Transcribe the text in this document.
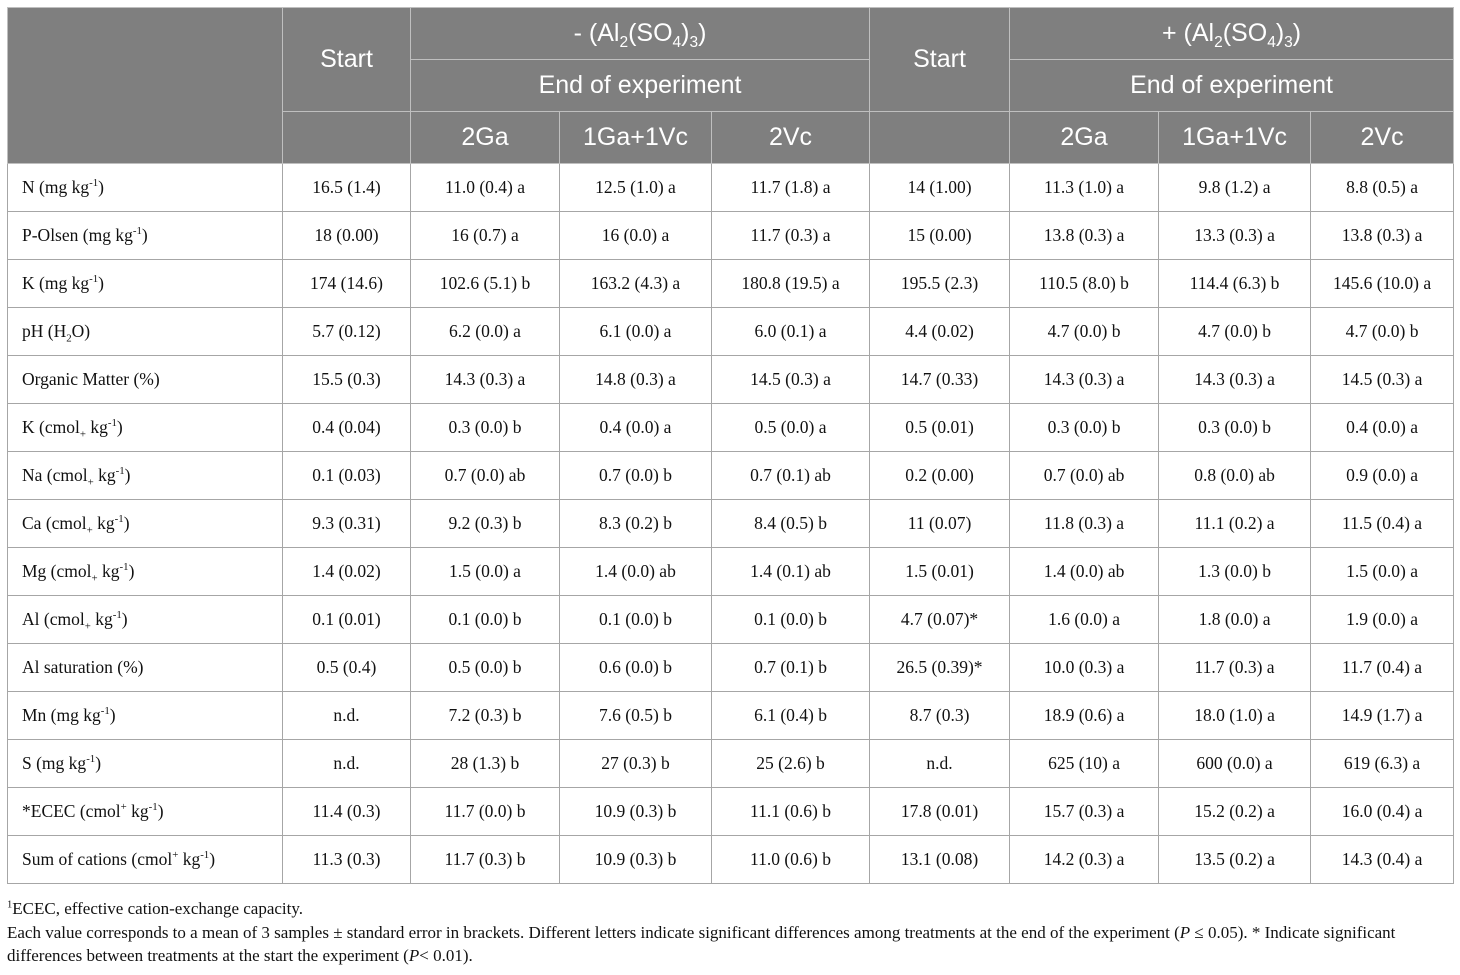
	Start	- $(Al_2(SO_4)_3)$			Start	+ $(Al_2(SO_4)_3)$		
		End of experiment				End of experiment		
		2Ga	1Ga+1Vc	2Vc		2Ga	1Ga+1Vc	2Vc
N (mg $kg^{-1}$)	16.5 (1.4)	11.0 (0.4) a	12.5 (1.0) a	11.7 (1.8) a	14 (1.00)	11.3 (1.0) a	9.8 (1.2) a	8.8 (0.5) a
P-Olsen (mg $kg^{-1}$)	18 (0.00)	16 (0.7) a	16 (0.0) a	11.7 (0.3) a	15 (0.00)	13.8 (0.3) a	13.3 (0.3) a	13.8 (0.3) a
K (mg $kg^{-1}$)	174 (14.6)	102.6 (5.1) b	163.2 (4.3) a	180.8 (19.5) a	195.5 (2.3)	110.5 (8.0) b	114.4 (6.3) b	145.6 (10.0) a
pH $(H_2O)$	5.7 (0.12)	6.2 (0.0) a	6.1 (0.0) a	6.0 (0.1) a	4.4 (0.02)	4.7 (0.0) b	4.7 (0.0) b	4.7 (0.0) b
Organic Matter (%)	15.5 (0.3)	14.3 (0.3) a	14.8 (0.3) a	14.5 (0.3) a	14.7 (0.33)	14.3 (0.3) a	14.3 (0.3) a	14.5 (0.3) a
K (cmol$_+$ $kg^{-1}$)	0.4 (0.04)	0.3 (0.0) b	0.4 (0.0) a	0.5 (0.0) a	0.5 (0.01)	0.3 (0.0) b	0.3 (0.0) b	0.4 (0.0) a
Na (cmol$_+$ $kg^{-1}$)	0.1 (0.03)	0.7 (0.0) ab	0.7 (0.0) b	0.7 (0.1) ab	0.2 (0.00)	0.7 (0.0) ab	0.8 (0.0) ab	0.9 (0.0) a
Ca (cmol$_+$ $kg^{-1}$)	9.3 (0.31)	9.2 (0.3) b	8.3 (0.2) b	8.4 (0.5) b	11 (0.07)	11.8 (0.3) a	11.1 (0.2) a	11.5 (0.4) a
Mg (cmol$_+$ $kg^{-1}$)	1.4 (0.02)	1.5 (0.0) a	1.4 (0.0) ab	1.4 (0.1) ab	1.5 (0.01)	1.4 (0.0) ab	1.3 (0.0) b	1.5 (0.0) a
Al (cmol$_+$ $kg^{-1}$)	0.1 (0.01)	0.1 (0.0) b	0.1 (0.0) b	0.1 (0.0) b	4.7 (0.07)*	1.6 (0.0) a	1.8 (0.0) a	1.9 (0.0) a
Al saturation (%)	0.5 (0.4)	0.5 (0.0) b	0.6 (0.0) b	0.7 (0.1) b	26.5 (0.39)*	10.0 (0.3) a	11.7 (0.3) a	11.7 (0.4) a
Mn (mg $kg^{-1}$)	n.d.	7.2 (0.3) b	7.6 (0.5) b	6.1 (0.4) b	8.7 (0.3)	18.9 (0.6) a	18.0 (1.0) a	14.9 (1.7) a
S (mg $kg^{-1}$)	n.d.	28 (1.3) b	27 (0.3) b	25 (2.6) b	n.d.	625 (10) a	600 (0.0) a	619 (6.3) a
*ECEC (cmol+ $kg^{-1}$)	11.4 (0.3)	11.7 (0.0) b	10.9 (0.3) b	11.1 (0.6) b	17.8 (0.01)	15.7 (0.3) a	15.2 (0.2) a	16.0 (0.4) a
Sum of cations (cmol+ $kg^{-1}$)	11.3 (0.3)	11.7 (0.3) b	10.9 (0.3) b	11.0 (0.6) b	13.1 (0.08)	14.2 (0.3) a	13.5 (0.2) a	14.3 (0.4) a
$^1$ECEC, effective cation-exchange capacity.
Each value corresponds to a mean of 3 samples ± standard error in brackets. Different letters indicate significant differences among treatments at the end of the experiment (P ≤ 0.05). * Indicate significant differences between treatments at the start the experiment (P< 0.01).
